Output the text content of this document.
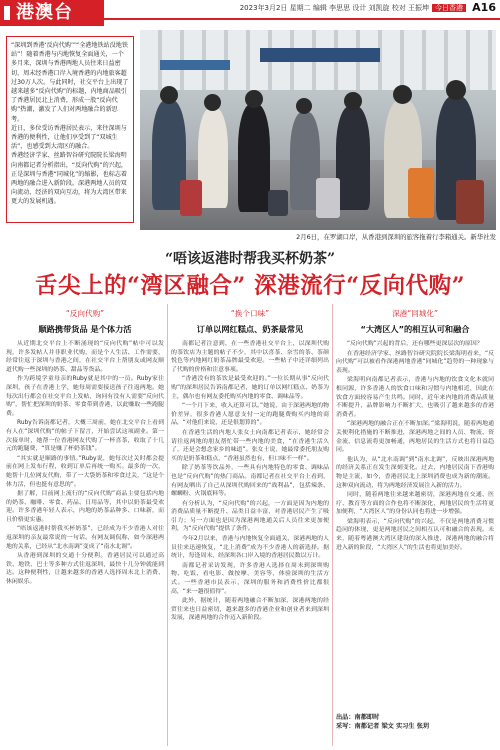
港澳台	2023年3月2日 星期二 编辑 李思思 设计 刘凯旋 校对 王振坤 今日香港 A16

“深圳到香港‘反向代购’”“全港地铁站没地铁站”！随着香港与内地恢复全面通关，一个多月来，深圳与香港两地人员往来日益密切，周末经香港口岸入境香港的内地旅客超过30万人次。与此同时，社交平台上出现了越来越多“反向代购”的标题，内地商品吸引了香港居民北上消费，形成一股“反向代购”热潮，激发了人们对两地融合的新思考。

近日，多位受访香港居民表示，来往深圳与香港的便利性，让他们享受到了“双城生活”，也感受到大湾区的融合。

香港经济学家、丝路智谷研究院院长梁海明向南都记者分析指出，“反向代购”的兴起，正是深圳与香港“同城化”的缩影，也标志着两地的融合进入新阶段。深港两地人员的双向流动、经济的双向互动，将为大湾区带来更大的发展机遇。

2月6日，在罗湖口岸，从香港到深圳的旅客拖着行李箱通关。新华社发
“唔该返港时帮我买杯奶茶”
舌尖上的“湾区融合” 深港流行“反向代购”
“反向代购”
顺路携带货品 是个体力活

从近期北交平台上不断涌现的“反向代购”帖中可以发现，许多发帖人并非职业代购，而是个人生活、工作需要，经常往返于深圳与香港之间，在社交平台上帮朋友或网友顺道代购一些深圳的奶茶、甜品等货品。

作为跨境学童母亲的Ruby就是其中的一员。Ruby家住深圳，孩子在香港上学，她每周需要接送孩子往返两地。她每次出行都会在社交平台上发帖，询问有没有人需要“反向代购”，帮忙把深圳的奶茶、零食带到香港，以此赚取一些跑腿费。

Ruby告诉南都记者，大概三周前，她在北交平台上看到有人在“深圳代购”的帖子下留言，开始尝试这项副业。第一次接单时，她帮一位香港网友代购了一杯喜茶，收取了十几元的跑腿费，“算是赚了杯奶茶钱”。

“其实就是顺路的事情。”Ruby说，她每次过关时都会提前在网上发布行程，收到订单后再统一购买。最多的一次，她帮十几位网友代购，带了一大袋奶茶和零食过关，“这是个体力活，但也挺有意思的”。

据了解，目前网上流行的“反向代购”商品主要包括内地的奶茶、咖啡、零食、药品、日用品等，其中以奶茶最受欢迎。许多香港年轻人表示，内地的奶茶品种多、口味新，而且价格更实惠。

“唔该返港时帮我买杯奶茶”，已经成为不少香港人对往返深圳的亲友最常说的一句话。有网友调侃称，如今深港两地的关系，已经从“北水南调”变成了“南水北调”。

从香港到深圳的交通十分便利。香港居民可以通过高铁、地铁、巴士等多种方式往返深圳，最快十几分钟就能到达。这种便利性，让越来越多的香港人选择周末北上消费、休闲娱乐。

“换个口味”
订单以网红糕点、奶茶最常见

南都记者注意到，在一些香港社交平台上，以深圳代购的茶饮店为主题的帖子不少，其中以喜茶、奈雪的茶、茶颜悦色等内地网红奶茶品牌最受欢迎。一些帖子中还详细列出了代购的价格和注意事项。

“香港没有的茶饮是最受欢迎的。”一位长期从事“反向代购”的深圳居民告诉南都记者，她的订单以网红糕点、奶茶为主，偶尔也有网友委托购买内地的零食、调味品等。

“一个月下来，收入还算可以。”她说，由于深港两地的物价差异，很多香港人愿意支付一定的跑腿费购买内地的商品，“对他们来说，还是很划算的”。

在香港生活的内地人张女士向南都记者表示，她经常会请往返两地的朋友帮忙带一些内地的美食，“在香港生活久了，还是会想念家乡的味道”。张女士说，她最常委托朋友购买的是奶茶和糕点，“香港虽然也有，但口味不一样”。

除了奶茶等饮品外，一些具有内地特色的零食、调味品也是“反向代购”的热门商品。南都记者在社交平台上看到，有网友晒出了自己从深圳代购回来的“战利品”，包括辣条、螺蛳粉、火锅底料等。

有分析认为，“反向代购”的兴起，一方面是因为内地的消费品质量不断提升、品类日益丰富，对香港居民产生了吸引力；另一方面也是因为深港两地通关后人员往来更加便利，为“反向代购”提供了条件。

今年2月以来，香港与内地恢复全面通关，深港两地的人员往来迅速恢复，“北上消费”成为不少香港人的新选择。据统计，每逢周末，经深圳各口岸入境的香港居民数以万计。

南都记者采访发现，许多香港人选择在周末到深圳购物、吃饭、看电影、做按摩、美容等，体验深圳的生活方式。一些香港市民表示，深圳的服务和消费性价比都很高，“来一趟很值得”。

此外，据统计，随着两地融合不断加深，深港两地的经贸往来也日益密切，越来越多的香港企业和创业者来到深圳发展，深港两地的合作迈入新阶段。

深港“同城化”
“大湾区人”的相互认可和融合

“反向代购”兴起的背后，还有哪些更深层次的原因？

在香港经济学家、丝路智谷研究院院长梁海明看来，“反向代购”可以被看作深港两地香港“同城化”趋势的一种现象与表现。

梁海明向南都记者表示，香港与内地的饮食文化本就同根同源，许多香港人的饮食口味和习惯与内地相近，因此在饮食方面较容易产生共鸣。同时，近年来内地的消费品质量不断提升，品牌影响力不断扩大，也吸引了越来越多的香港消费者。

“深港两地的融合正在不断加深。”梁海明说，随着两地通关便利化措施的不断推进，深港两地之间的人员、物流、资金流、信息流将更加畅通，两地居民的生活方式也将日益趋同。

他认为，从“北水南调”到“南水北调”，反映出深港两地的经济关系正在发生深刻变化。过去，内地居民南下香港购物是主流，如今，香港居民北上深圳消费也成为新的潮流。这种双向流动，将为两地经济发展注入新的活力。

同时，随着两地往来越来越密切，深港两地在交通、医疗、教育等方面的合作也将不断深化，两地居民的生活将更加便利，“大湾区人”的身份认同也将进一步增强。

梁海明表示，“反向代购”的兴起，不仅是两地消费习惯趋同的体现，更是两地居民之间相互认可和融合的表现。未来，随着粤港澳大湾区建设的深入推进，深港两地的融合将进入新的阶段，“大湾区人”的生活也将更加美好。

出品：南都即时
采写：南都记者 梁文 实习生 张玥
